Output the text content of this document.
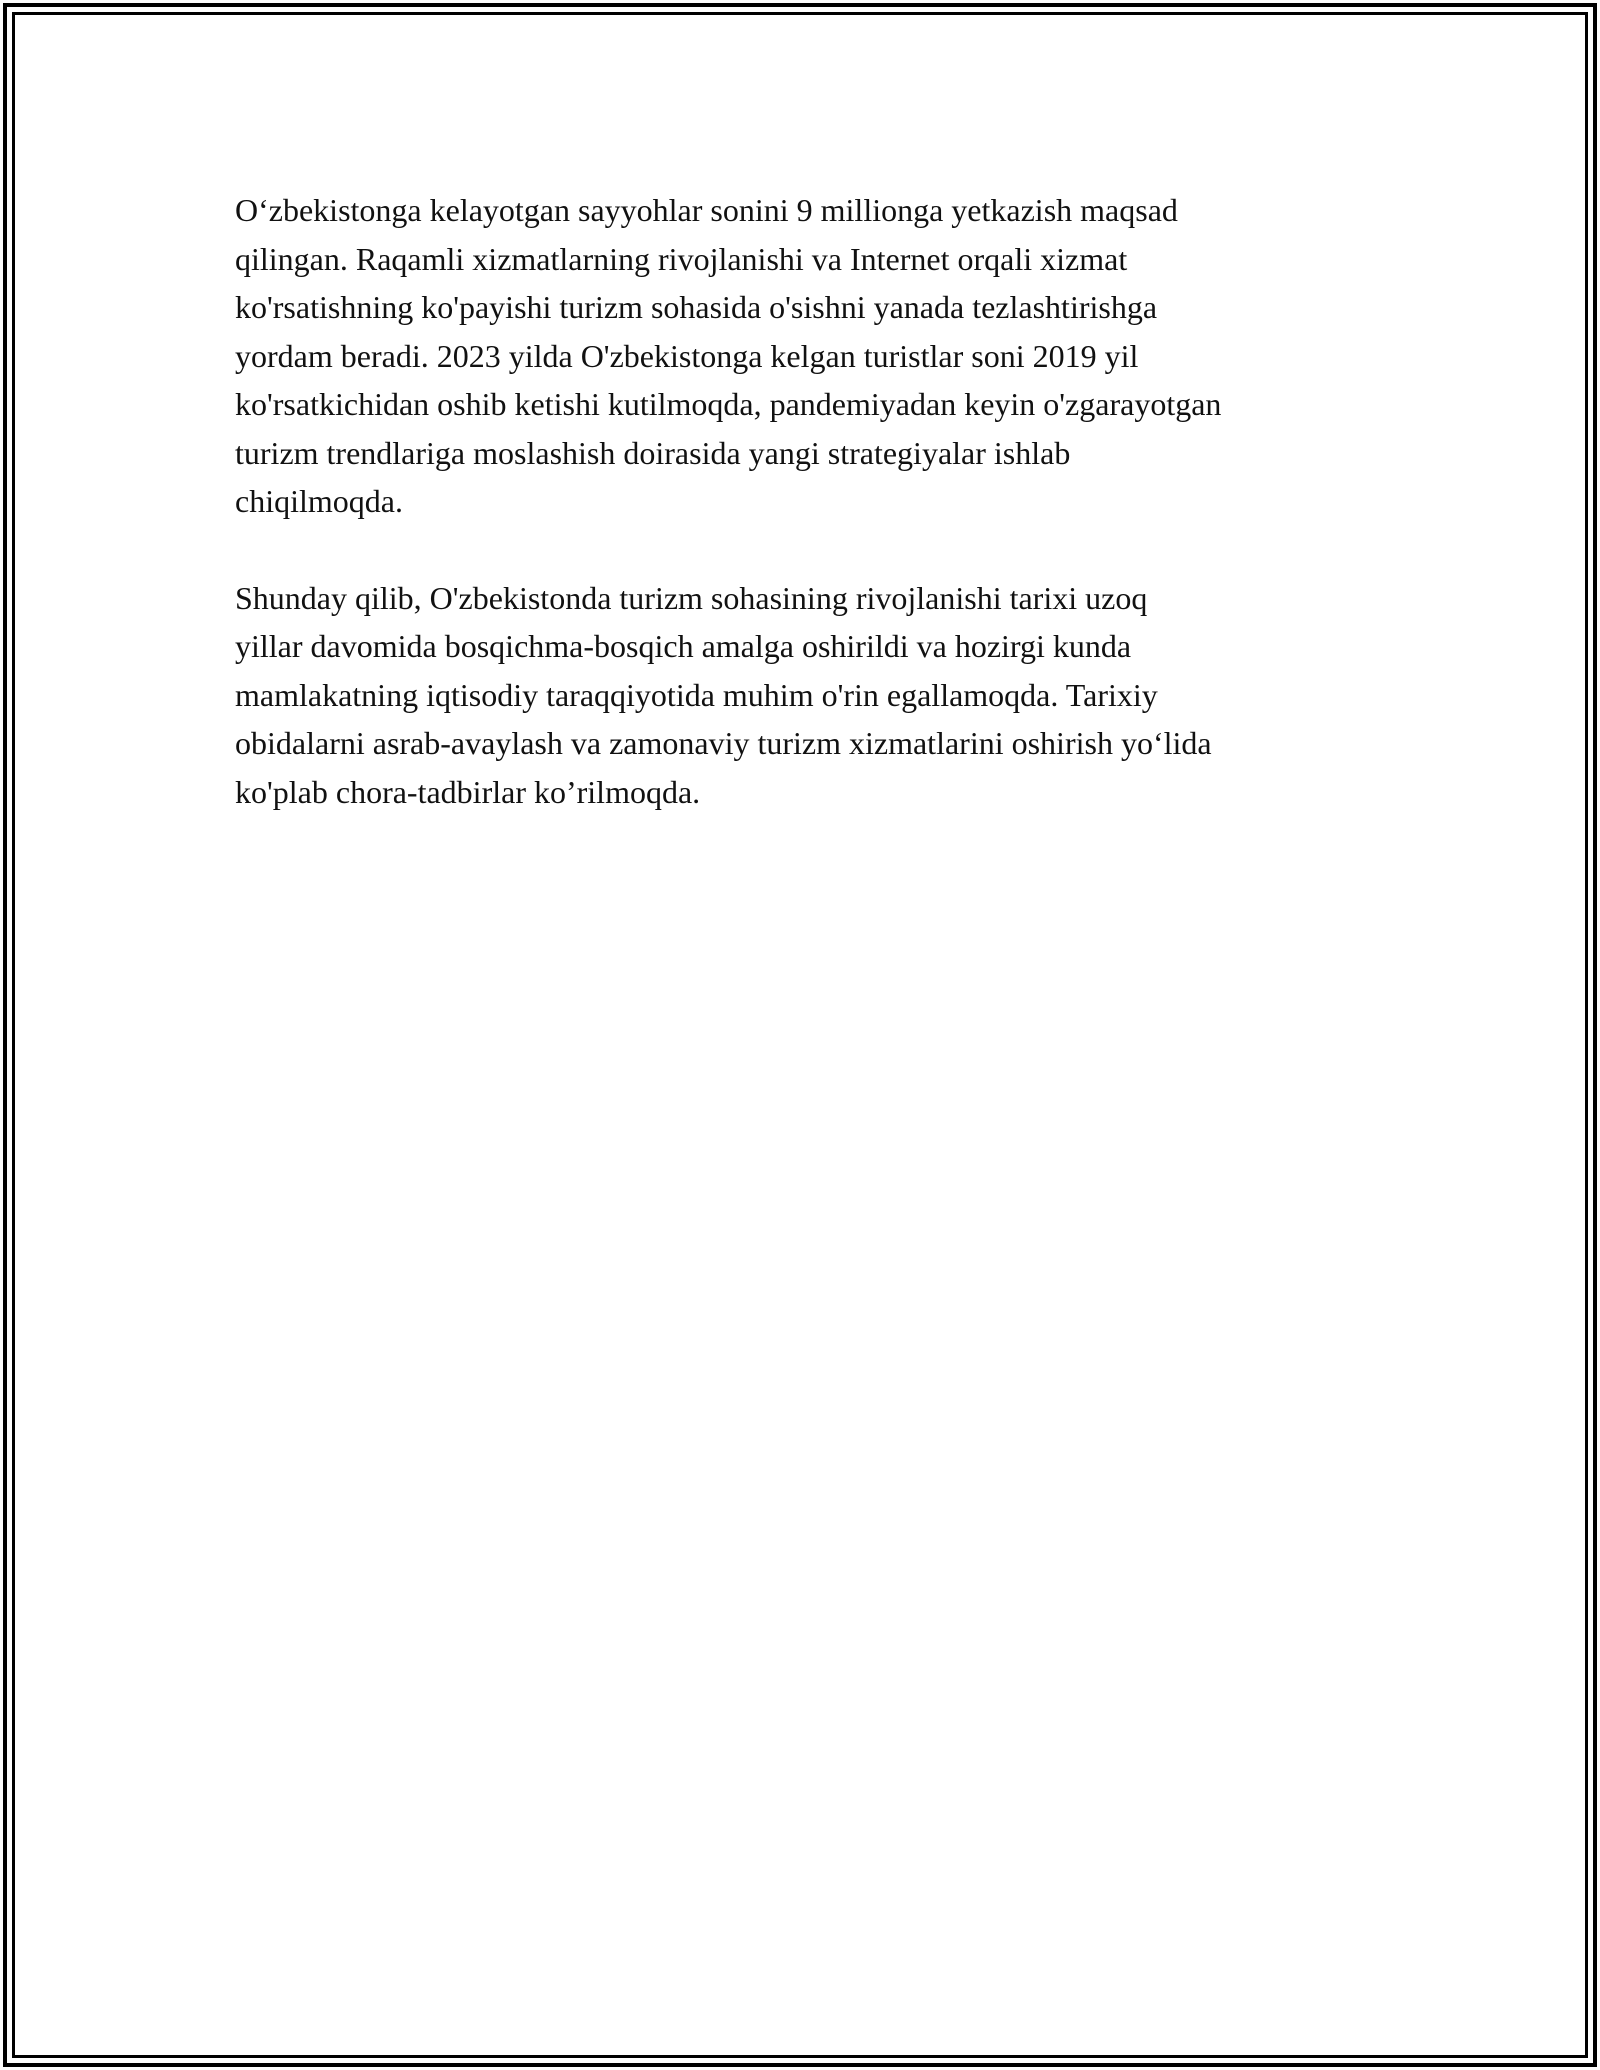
O‘zbekistonga kelayotgan sayyohlar sonini 9 millionga yetkazish maqsad
qilingan. Raqamli xizmatlarning rivojlanishi va Internet orqali xizmat
ko'rsatishning ko'payishi turizm sohasida o'sishni yanada tezlashtirishga
yordam beradi. 2023 yilda O'zbekistonga kelgan turistlar soni 2019 yil
ko'rsatkichidan oshib ketishi kutilmoqda, pandemiyadan keyin o'zgarayotgan
turizm trendlariga moslashish doirasida yangi strategiyalar ishlab
chiqilmoqda.

Shunday qilib, O'zbekistonda turizm sohasining rivojlanishi tarixi uzoq
yillar davomida bosqichma-bosqich amalga oshirildi va hozirgi kunda
mamlakatning iqtisodiy taraqqiyotida muhim o'rin egallamoqda. Tarixiy
obidalarni asrab-avaylash va zamonaviy turizm xizmatlarini oshirish yo‘lida
ko'plab chora-tadbirlar ko’rilmoqda.
